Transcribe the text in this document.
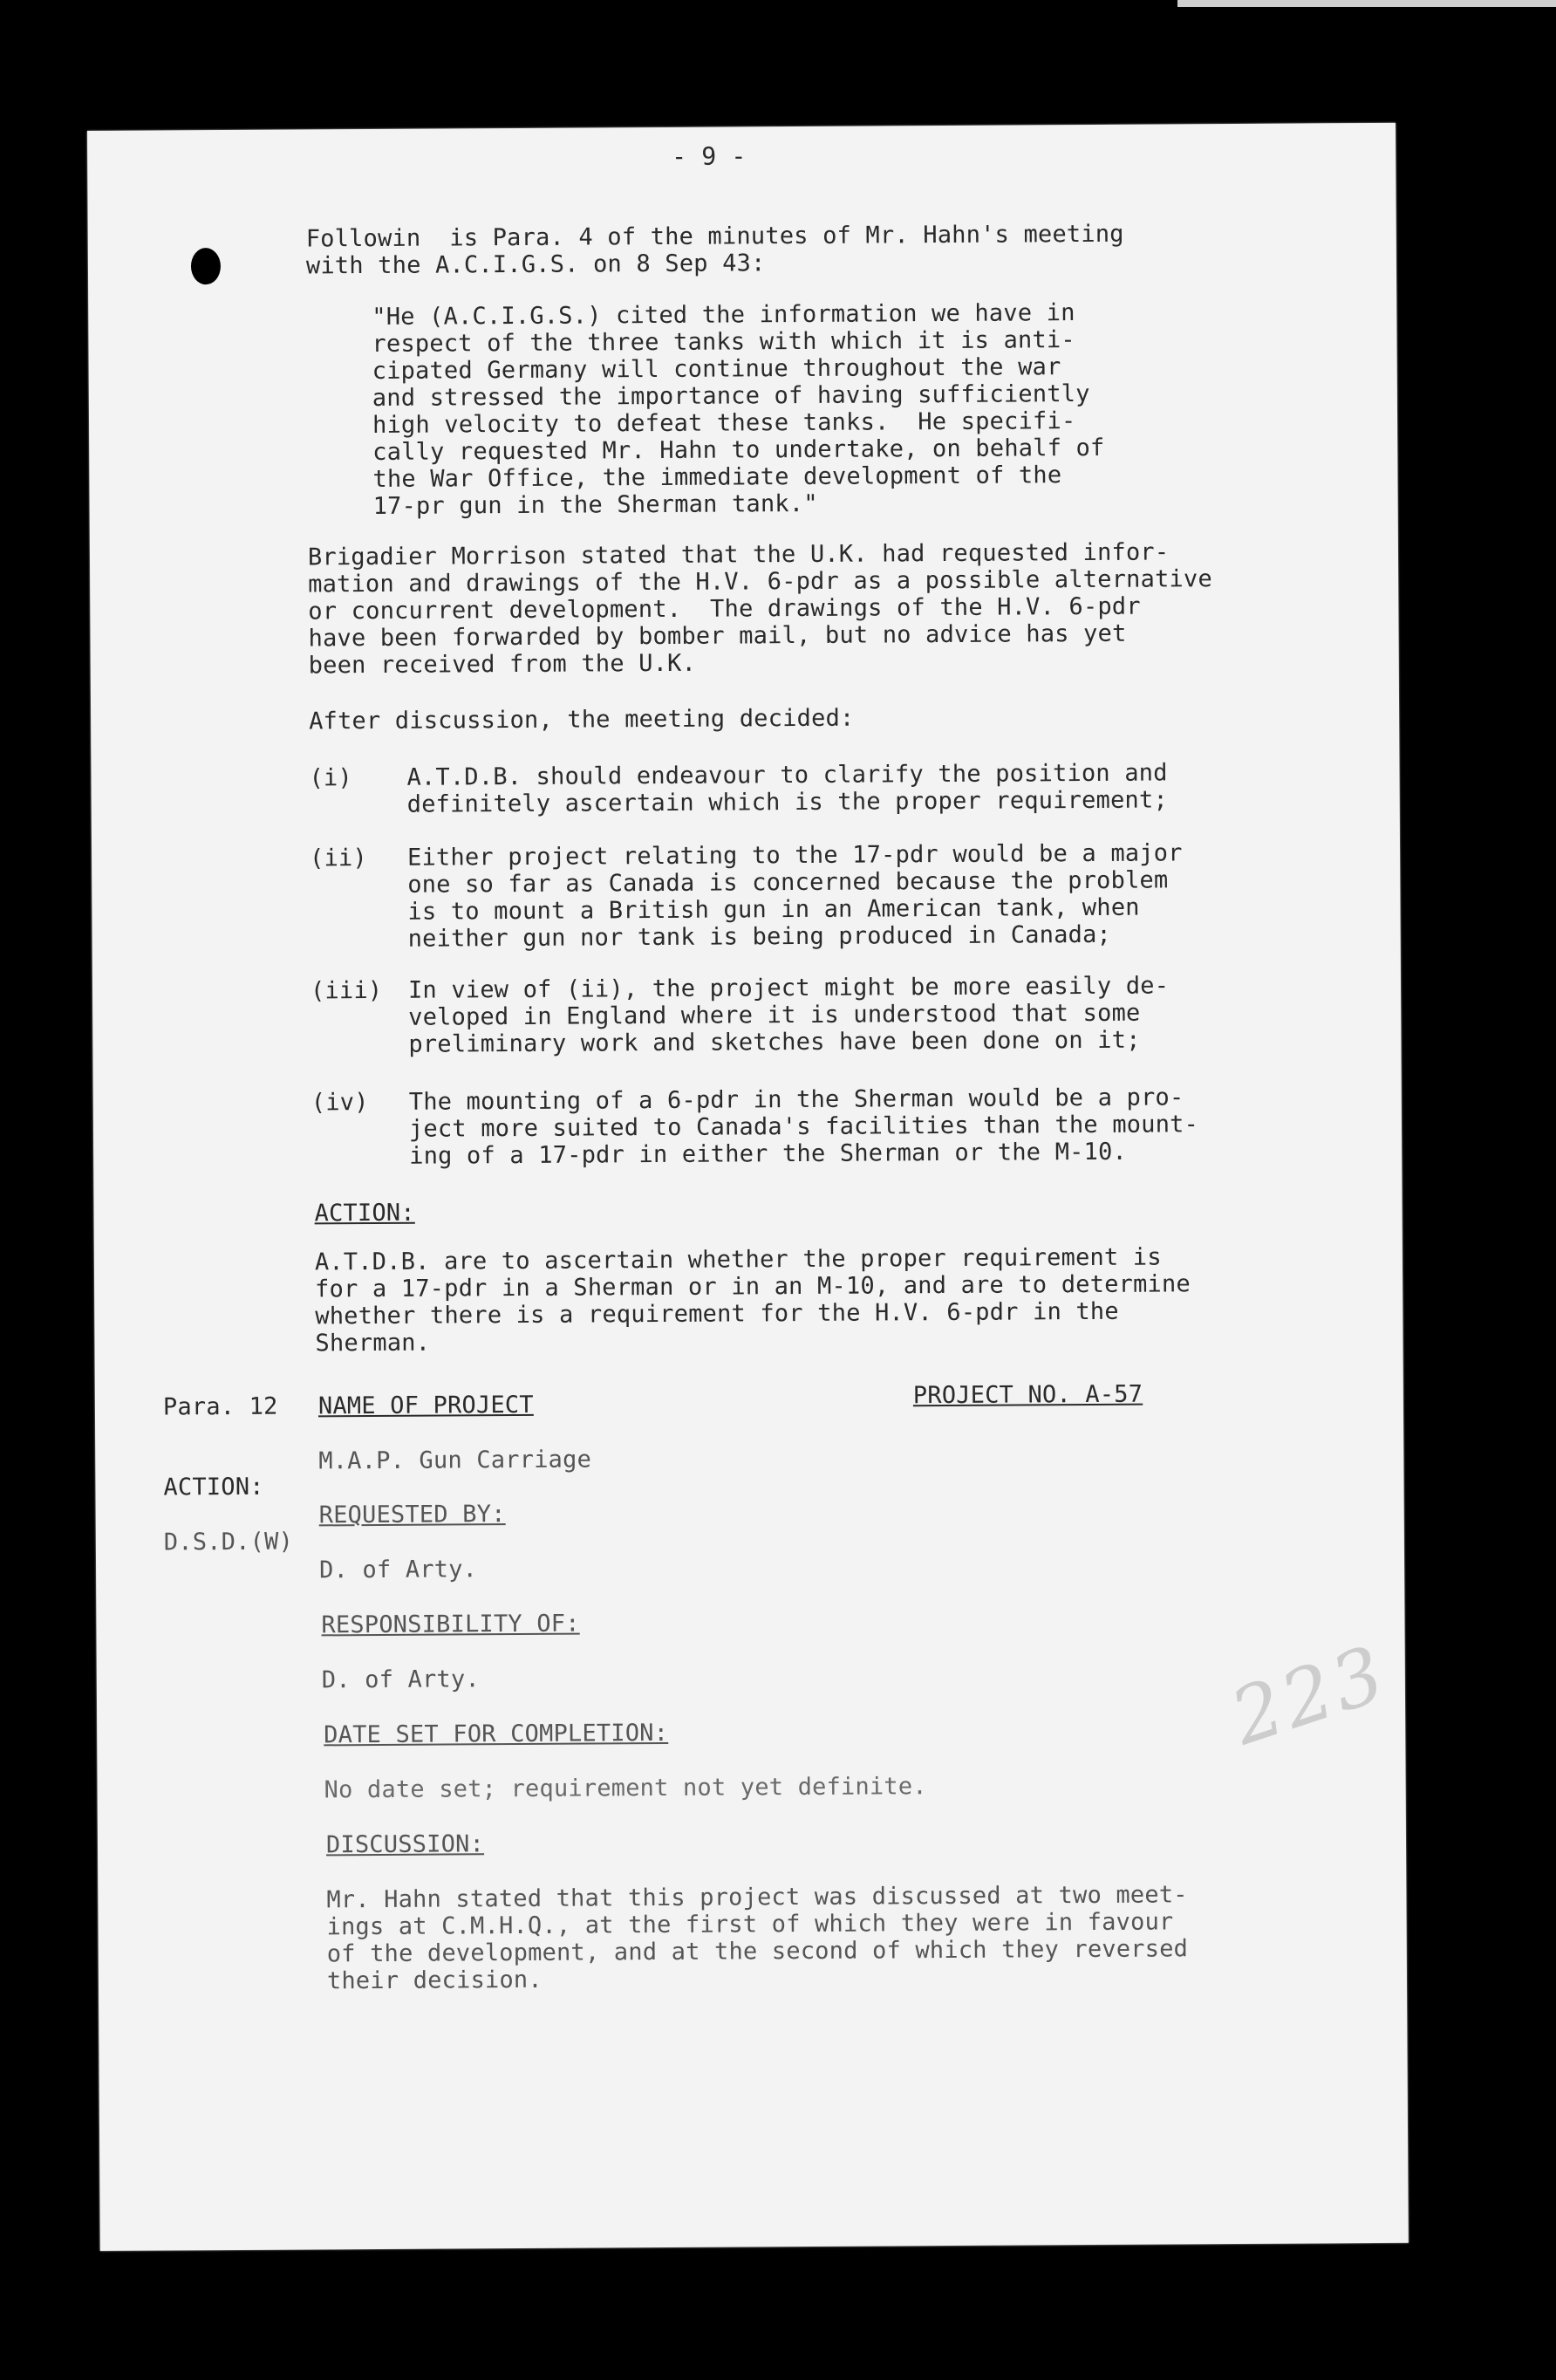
- 9 -
Followin  is Para. 4 of the minutes of Mr. Hahn's meeting
with the A.C.I.G.S. on 8 Sep 43:
"He (A.C.I.G.S.) cited the information we have in
respect of the three tanks with which it is anti-
cipated Germany will continue throughout the war
and stressed the importance of having sufficiently
high velocity to defeat these tanks.  He specifi-
cally requested Mr. Hahn to undertake, on behalf of
the War Office, the immediate development of the
17-pr gun in the Sherman tank."
Brigadier Morrison stated that the U.K. had requested infor-
mation and drawings of the H.V. 6-pdr as a possible alternative
or concurrent development.  The drawings of the H.V. 6-pdr
have been forwarded by bomber mail, but no advice has yet
been received from the U.K.
After discussion, the meeting decided:
(i) A.T.D.B. should endeavour to clarify the position and
definitely ascertain which is the proper requirement;
(ii) Either project relating to the 17-pdr would be a major
one so far as Canada is concerned because the problem
is to mount a British gun in an American tank, when
neither gun nor tank is being produced in Canada;
(iii) In view of (ii), the project might be more easily de-
veloped in England where it is understood that some
preliminary work and sketches have been done on it;
(iv) The mounting of a 6-pdr in the Sherman would be a pro-
ject more suited to Canada's facilities than the mount-
ing of a 17-pdr in either the Sherman or the M-10.
ACTION:
A.T.D.B. are to ascertain whether the proper requirement is
for a 17-pdr in a Sherman or in an M-10, and are to determine
whether there is a requirement for the H.V. 6-pdr in the
Sherman.
Para. 12
ACTION:
D.S.D.(W)
NAME OF PROJECT	PROJECT NO. A-57
M.A.P. Gun Carriage
REQUESTED BY:
D. of Arty.
RESPONSIBILITY OF:
D. of Arty.
DATE SET FOR COMPLETION:
No date set; requirement not yet definite.
DISCUSSION:
Mr. Hahn stated that this project was discussed at two meet-
ings at C.M.H.Q., at the first of which they were in favour
of the development, and at the second of which they reversed
their decision.
223
